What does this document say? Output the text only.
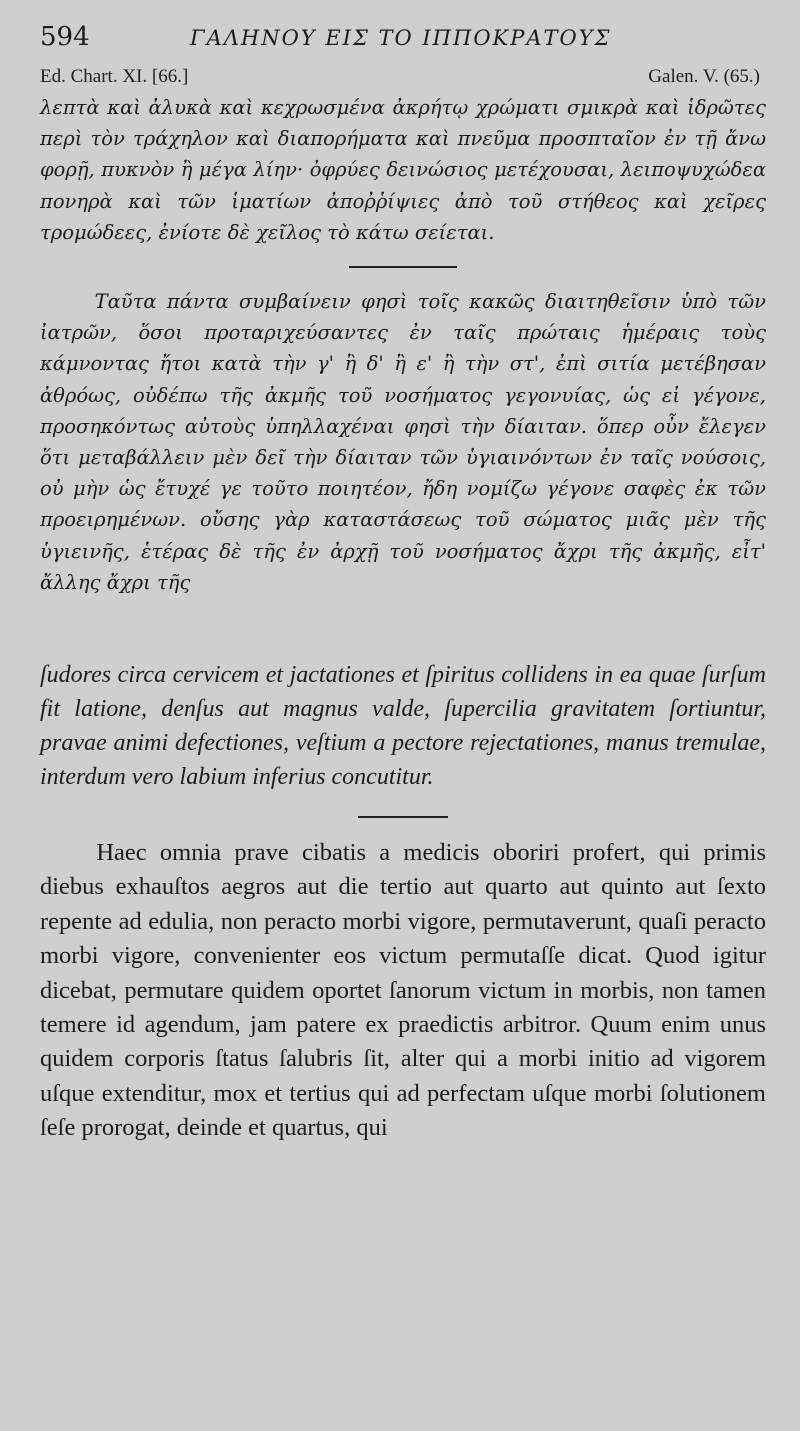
594	ΓΑΛΗΝΟΥ ΕΙΣ ΤΟ ΙΠΠΟΚΡΑΤΟΥΣ
Ed. Chart. XI. [66.]	Galen. V. (65.)

λεπτὰ καὶ ἀλυκὰ καὶ κεχρωσμένα ἀκρήτῳ χρώματι σμικρὰ καὶ ἱδρῶτες περὶ τὸν τράχηλον καὶ διαπορήματα καὶ πνεῦμα προσπταῖον ἐν τῇ ἄνω φορῇ, πυκνὸν ἢ μέγα λίην· ὀφρύες δεινώσιος μετέχουσαι, λειποψυχώδεα πονηρὰ καὶ τῶν ἱματίων ἀποῤῥίψιες ἀπὸ τοῦ στήθεος καὶ χεῖρες τρομώδεες, ἐνίοτε δὲ χεῖλος τὸ κάτω σείεται.

Ταῦτα πάντα συμβαίνειν φησὶ τοῖς κακῶς διαιτηθεῖσιν ὑπὸ τῶν ἰατρῶν, ὅσοι προταριχεύσαντες ἐν ταῖς πρώταις ἡμέραις τοὺς κάμνοντας ἤτοι κατὰ τὴν γ' ἢ δ' ἢ ε' ἢ τὴν στ', ἐπὶ σιτία μετέβησαν ἀθρόως, οὐδέπω τῆς ἀκμῆς τοῦ νοσήματος γεγονυίας, ὡς εἰ γέγονε, προσηκόντως αὐτοὺς ὑπηλλαχέναι φησὶ τὴν δίαιταν. ὅπερ οὖν ἔλεγεν ὅτι μεταβάλλειν μὲν δεῖ τὴν δίαιταν τῶν ὑγιαινόντων ἐν ταῖς νούσοις, οὐ μὴν ὡς ἔτυχέ γε τοῦτο ποιητέον, ἤδη νομίζω γέγονε σαφὲς ἐκ τῶν προειρημένων. οὔσης γὰρ καταστάσεως τοῦ σώματος μιᾶς μὲν τῆς ὑγιεινῆς, ἑτέρας δὲ τῆς ἐν ἀρχῇ τοῦ νοσήματος ἄχρι τῆς ἀκμῆς, εἶτ' ἄλλης ἄχρι τῆς

ſudores circa cervicem et jactationes et ſpiritus collidens in ea quae ſurſum fit latione, denſus aut magnus valde, ſupercilia gravitatem ſortiuntur, pravae animi defectiones, veſtium a pectore rejectationes, manus tremulae, interdum vero labium inferius concutitur.

Haec omnia prave cibatis a medicis oboriri profert, qui primis diebus exhauſtos aegros aut die tertio aut quarto aut quinto aut ſexto repente ad edulia, non peracto morbi vigore, permutaverunt, quaſi peracto morbi vigore, convenienter eos victum permutaſſe dicat. Quod igitur dicebat, permutare quidem oportet ſanorum victum in morbis, non tamen temere id agendum, jam patere ex praedictis arbitror. Quum enim unus quidem corporis ſtatus ſalubris ſit, alter qui a morbi initio ad vigorem uſque extenditur, mox et tertius qui ad perfectam uſque morbi ſolutionem ſeſe prorogat, deinde et quartus, qui
